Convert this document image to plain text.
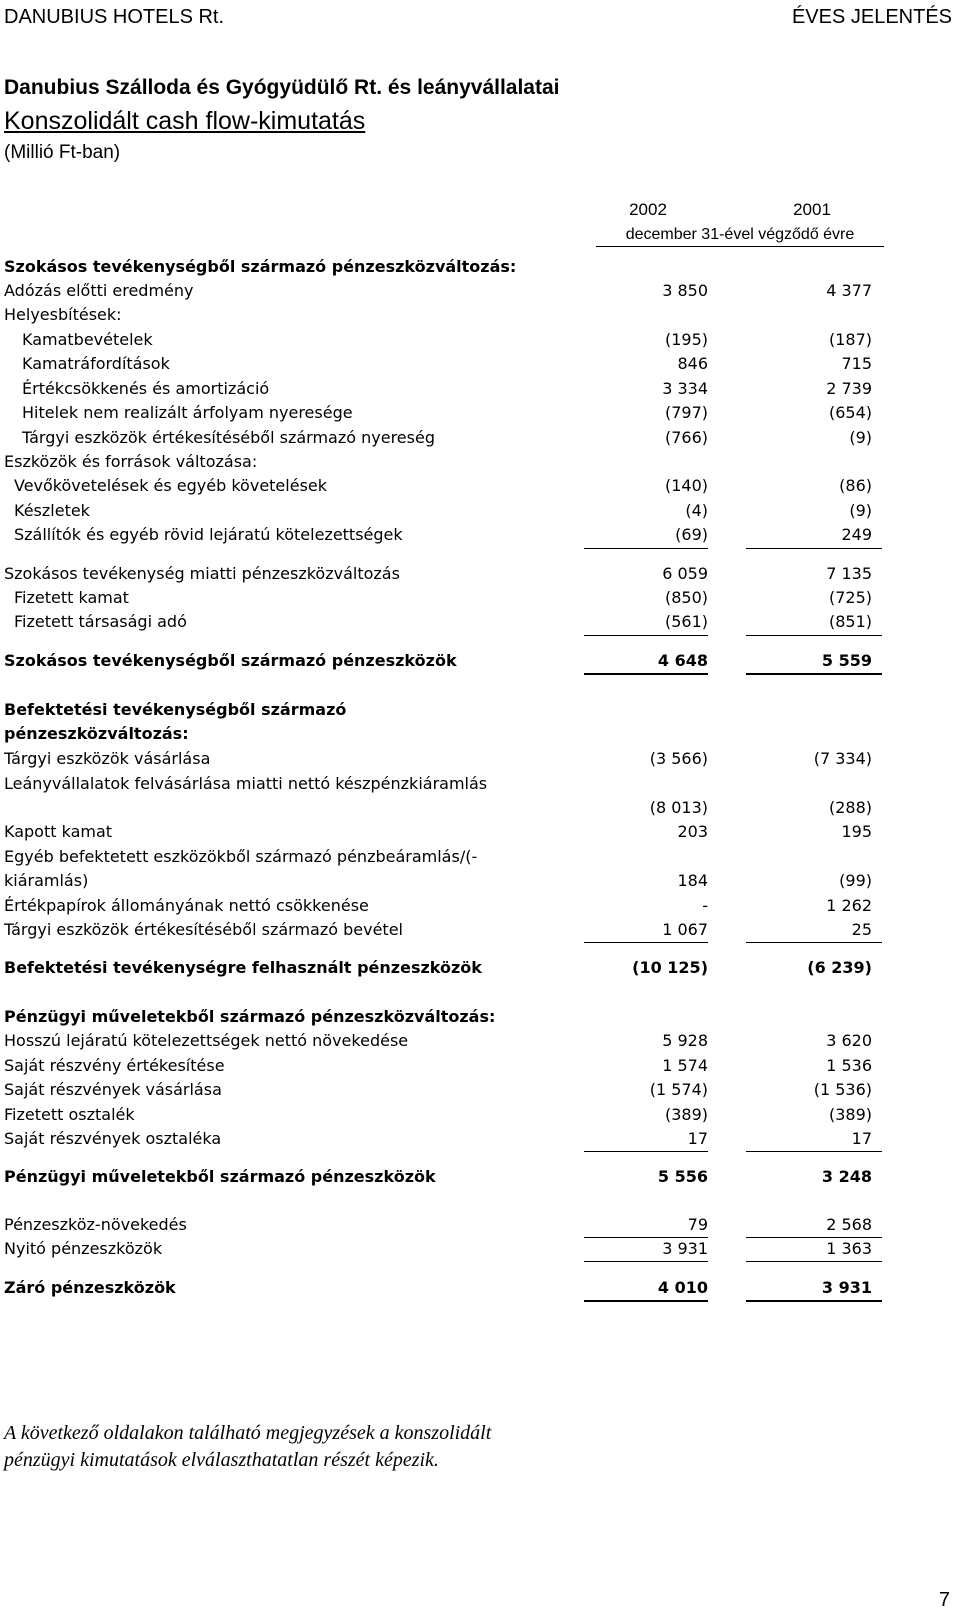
DANUBIUS HOTELS Rt.	ÉVES JELENTÉS
Danubius Szálloda és Gyógyüdülő Rt. és leányvállalatai
Konszolidált cash flow-kimutatás
(Millió Ft-ban)
2002	2001
december 31-ével végződő évre
Szokásos tevékenységből származó pénzeszközváltozás:
Adózás előtti eredmény	3 850	4 377
Helyesbítések:
Kamatbevételek	(195)	(187)
Kamatráfordítások	846	715
Értékcsökkenés és amortizáció	3 334	2 739
Hitelek nem realizált árfolyam nyeresége	(797)	(654)
Tárgyi eszközök értékesítéséből származó nyereség	(766)	(9)
Eszközök és források változása:
Vevőkövetelések és egyéb követelések	(140)	(86)
Készletek	(4)	(9)
Szállítók és egyéb rövid lejáratú kötelezettségek	(69)	249
Szokásos tevékenység miatti pénzeszközváltozás	6 059	7 135
Fizetett kamat	(850)	(725)
Fizetett társasági adó	(561)	(851)
Szokásos tevékenységből származó pénzeszközök	4 648	5 559
Befektetési tevékenységből származó
pénzeszközváltozás:
Tárgyi eszközök vásárlása	(3 566)	(7 334)
Leányvállalatok felvásárlása miatti nettó készpénzkiáramlás
(8 013)	(288)
Kapott kamat	203	195
Egyéb befektetett eszközökből származó pénzbeáramlás/(-
kiáramlás)	184	(99)
Értékpapírok állományának nettó csökkenése	-	1 262
Tárgyi eszközök értékesítéséből származó bevétel	1 067	25
Befektetési tevékenységre felhasznált pénzeszközök	(10 125)	(6 239)
Pénzügyi műveletekből származó pénzeszközváltozás:
Hosszú lejáratú kötelezettségek nettó növekedése	5 928	3 620
Saját részvény értékesítése	1 574	1 536
Saját részvények vásárlása	(1 574)	(1 536)
Fizetett osztalék	(389)	(389)
Saját részvények osztaléka	17	17
Pénzügyi műveletekből származó pénzeszközök	5 556	3 248
Pénzeszköz-növekedés	79	2 568
Nyitó pénzeszközök	3 931	1 363
Záró pénzeszközök	4 010	3 931
A következő oldalakon található megjegyzések a konszolidált pénzügyi kimutatások elválaszthatatlan részét képezik.
7
